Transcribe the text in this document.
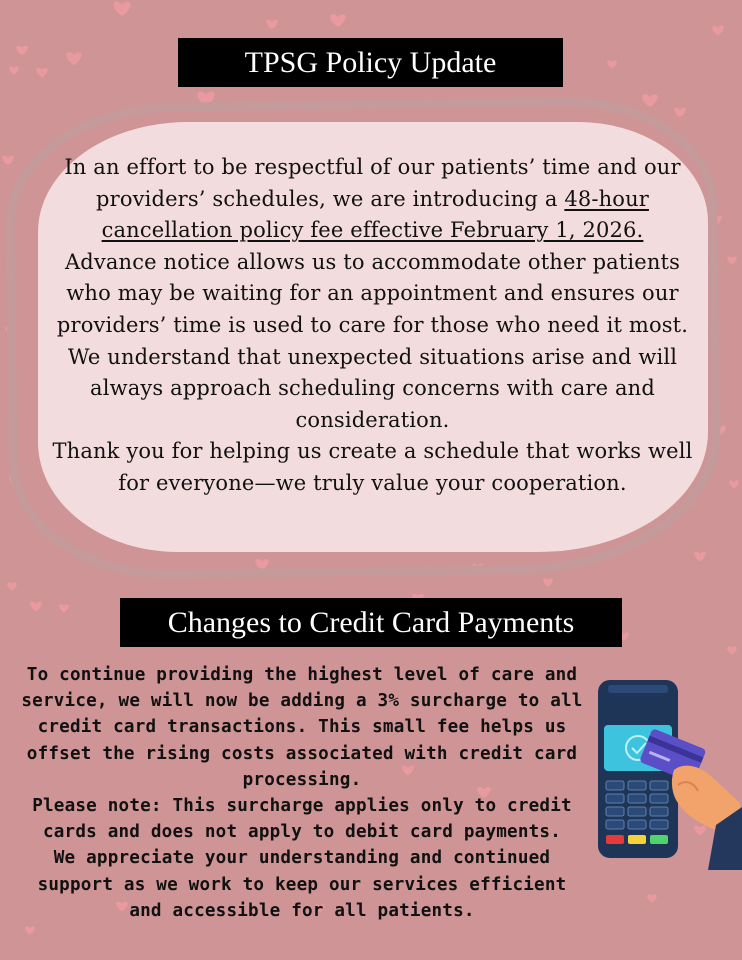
TPSG Policy Update

In an effort to be respectful of our patients’ time and our providers’ schedules, we are introducing a 48-hour cancellation policy fee effective February 1, 2026.

Advance notice allows us to accommodate other patients who may be waiting for an appointment and ensures our providers’ time is used to care for those who need it most.

We understand that unexpected situations arise and will always approach scheduling concerns with care and consideration.

Thank you for helping us create a schedule that works well for everyone—we truly value your cooperation.

Changes to Credit Card Payments

To continue providing the highest level of care and service, we will now be adding a 3% surcharge to all credit card transactions. This small fee helps us offset the rising costs associated with credit card processing.

Please note: This surcharge applies only to credit cards and does not apply to debit card payments.

We appreciate your understanding and continued support as we work to keep our services efficient and accessible for all patients.
